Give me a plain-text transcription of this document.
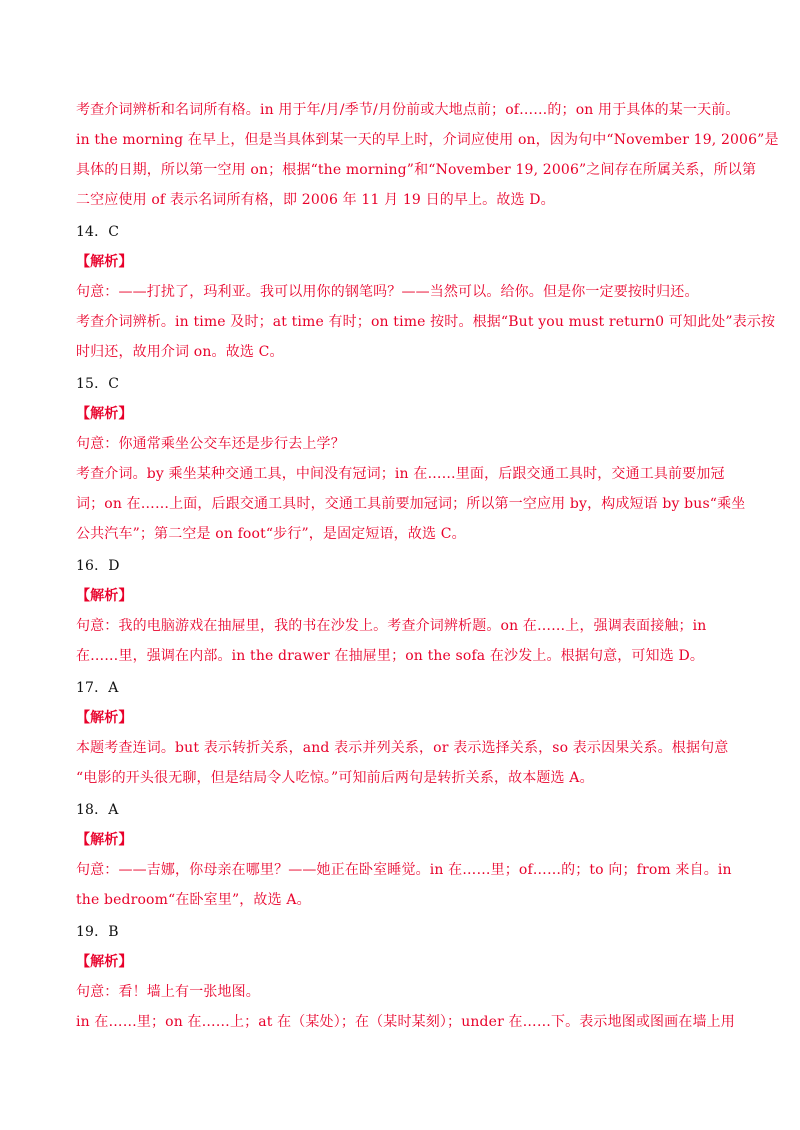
考查介词辨析和名词所有格。in 用于年/月/季节/月份前或大地点前；of……的；on 用于具体的某一天前。
in the morning 在早上，但是当具体到某一天的早上时，介词应使用 on，因为句中“November 19, 2006”是
具体的日期，所以第一空用 on；根据“the morning”和“November 19, 2006”之间存在所属关系，所以第
二空应使用 of 表示名词所有格，即 2006 年 11 月 19 日的早上。故选 D。
14．C
【解析】
句意：——打扰了，玛利亚。我可以用你的钢笔吗？——当然可以。给你。但是你一定要按时归还。
考查介词辨析。in time 及时；at time 有时；on time 按时。根据“But you must return0 可知此处”表示按
时归还，故用介词 on。故选 C。
15．C
【解析】
句意：你通常乘坐公交车还是步行去上学？
考查介词。by 乘坐某种交通工具，中间没有冠词；in 在……里面，后跟交通工具时，交通工具前要加冠
词；on 在……上面，后跟交通工具时，交通工具前要加冠词；所以第一空应用 by，构成短语 by bus“乘坐
公共汽车”；第二空是 on foot“步行”，是固定短语，故选 C。
16．D
【解析】
句意：我的电脑游戏在抽屉里，我的书在沙发上。考查介词辨析题。on 在……上，强调表面接触；in
在……里，强调在内部。in the drawer 在抽屉里；on the sofa 在沙发上。根据句意，可知选 D。
17．A
【解析】
本题考查连词。but 表示转折关系，and 表示并列关系，or 表示选择关系，so 表示因果关系。根据句意
“电影的开头很无聊，但是结局令人吃惊。”可知前后两句是转折关系，故本题选 A。
18．A
【解析】
句意：——吉娜，你母亲在哪里？——她正在卧室睡觉。in 在……里；of……的；to 向；from 来自。in
the bedroom“在卧室里”，故选 A。
19．B
【解析】
句意：看！墙上有一张地图。
in 在……里；on 在……上；at 在（某处）；在（某时某刻）；under 在……下。表示地图或图画在墙上用
